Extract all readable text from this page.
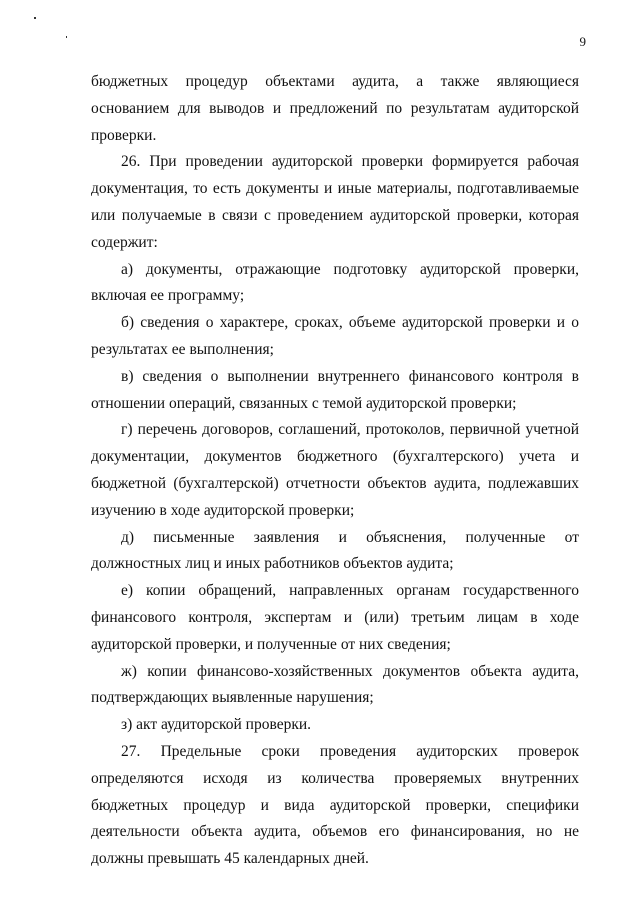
9

бюджетных процедур объектами аудита, а также являющиеся основанием для выводов и предложений по результатам аудиторской проверки.

26. При проведении аудиторской проверки формируется рабочая документация, то есть документы и иные материалы, подготавливаемые или получаемые в связи с проведением аудиторской проверки, которая содержит:

а) документы, отражающие подготовку аудиторской проверки, включая ее программу;

б) сведения о характере, сроках, объеме аудиторской проверки и о результатах ее выполнения;

в) сведения о выполнении внутреннего финансового контроля в отношении операций, связанных с темой аудиторской проверки;

г) перечень договоров, соглашений, протоколов, первичной учетной документации, документов бюджетного (бухгалтерского) учета и бюджетной (бухгалтерской) отчетности объектов аудита, подлежавших изучению в ходе аудиторской проверки;

д) письменные заявления и объяснения, полученные от должностных лиц и иных работников объектов аудита;

е) копии обращений, направленных органам государственного финансового контроля, экспертам и (или) третьим лицам в ходе аудиторской проверки, и полученные от них сведения;

ж) копии финансово-хозяйственных документов объекта аудита, подтверждающих выявленные нарушения;

з) акт аудиторской проверки.

27. Предельные сроки проведения аудиторских проверок определяются исходя из количества проверяемых внутренних бюджетных процедур и вида аудиторской проверки, специфики деятельности объекта аудита, объемов его финансирования, но не должны превышать 45 календарных дней.
